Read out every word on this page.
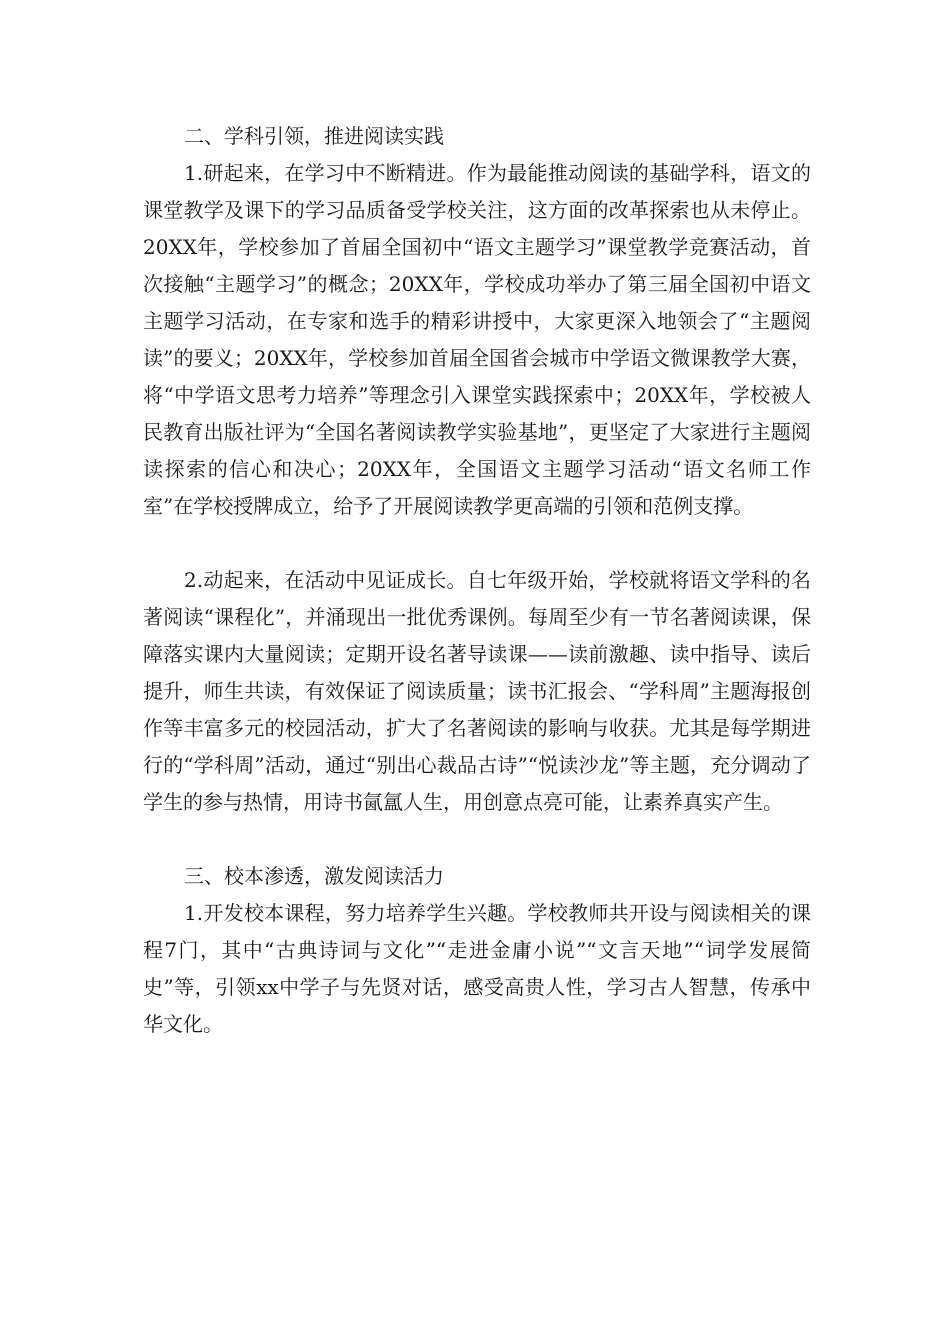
二、学科引领，推进阅读实践

1.研起来，在学习中不断精进。作为最能推动阅读的基础学科，语文的课堂教学及课下的学习品质备受学校关注，这方面的改革探索也从未停止。20XX年，学校参加了首届全国初中“语文主题学习”课堂教学竞赛活动，首次接触“主题学习”的概念；20XX年，学校成功举办了第三届全国初中语文主题学习活动，在专家和选手的精彩讲授中，大家更深入地领会了“主题阅读”的要义；20XX年，学校参加首届全国省会城市中学语文微课教学大赛，将“中学语文思考力培养”等理念引入课堂实践探索中；20XX年，学校被人民教育出版社评为“全国名著阅读教学实验基地”，更坚定了大家进行主题阅读探索的信心和决心；20XX年，全国语文主题学习活动“语文名师工作室”在学校授牌成立，给予了开展阅读教学更高端的引领和范例支撑。

2.动起来，在活动中见证成长。自七年级开始，学校就将语文学科的名著阅读“课程化”，并涌现出一批优秀课例。每周至少有一节名著阅读课，保障落实课内大量阅读；定期开设名著导读课——读前激趣、读中指导、读后提升，师生共读，有效保证了阅读质量；读书汇报会、“学科周”主题海报创作等丰富多元的校园活动，扩大了名著阅读的影响与收获。尤其是每学期进行的“学科周”活动，通过“别出心裁品古诗”“悦读沙龙”等主题，充分调动了学生的参与热情，用诗书氤氲人生，用创意点亮可能，让素养真实产生。

三、校本渗透，激发阅读活力

1.开发校本课程，努力培养学生兴趣。学校教师共开设与阅读相关的课程7门，其中“古典诗词与文化”“走进金庸小说”“文言天地”“词学发展简史”等，引领xx中学子与先贤对话，感受高贵人性，学习古人智慧，传承中华文化。
